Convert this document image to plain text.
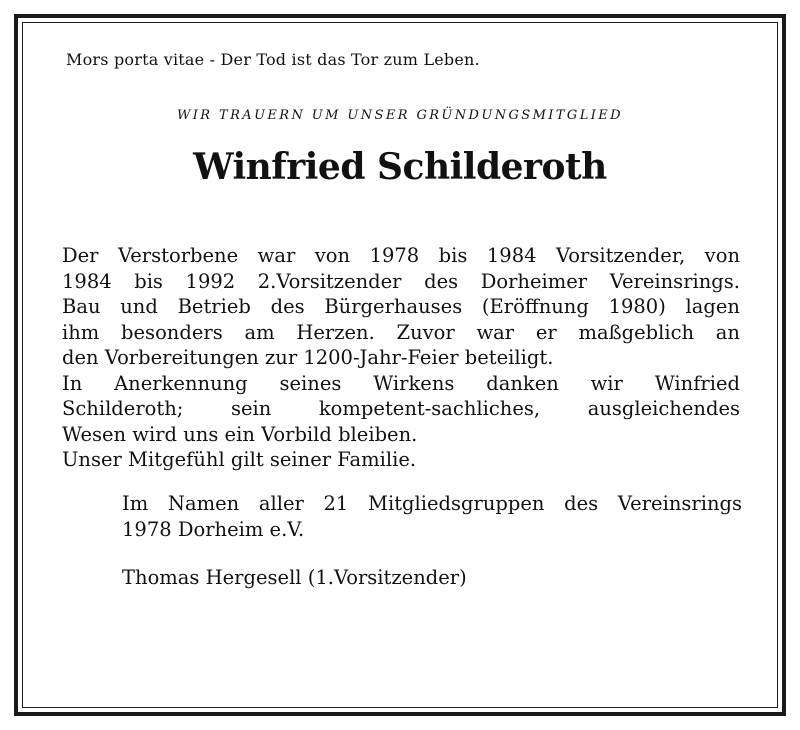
Mors porta vitae - Der Tod ist das Tor zum Leben.
WIR TRAUERN UM UNSER GRÜNDUNGSMITGLIED
Winfried Schilderoth
Der Verstorbene war von 1978 bis 1984 Vorsitzender, von
1984 bis 1992 2.Vorsitzender des Dorheimer Vereinsrings.
Bau und Betrieb des Bürgerhauses (Eröffnung 1980) lagen
ihm besonders am Herzen. Zuvor war er maßgeblich an
den Vorbereitungen zur 1200-Jahr-Feier beteiligt.
In Anerkennung seines Wirkens danken wir Winfried
Schilderoth; sein kompetent-sachliches, ausgleichendes
Wesen wird uns ein Vorbild bleiben.
Unser Mitgefühl gilt seiner Familie.
Im Namen aller 21 Mitgliedsgruppen des Vereinsrings
1978 Dorheim e.V.
Thomas Hergesell (1.Vorsitzender)
